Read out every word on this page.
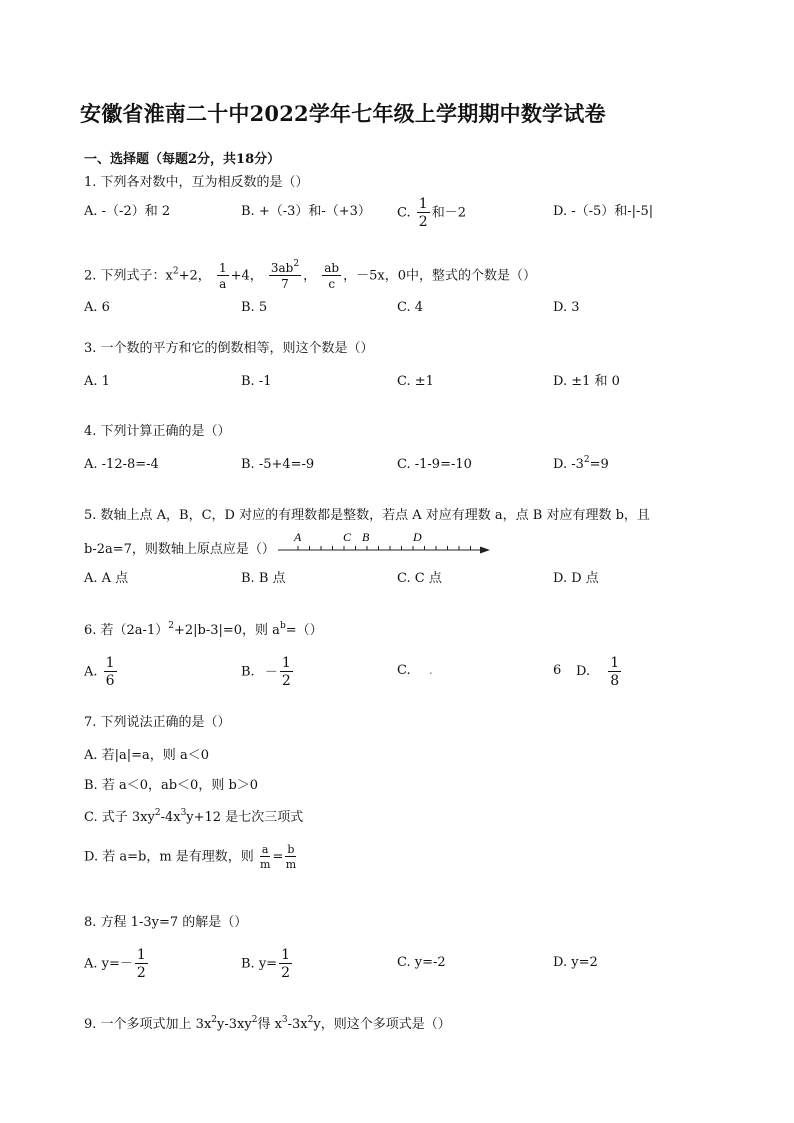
安徽省淮南二十中2022学年七年级上学期期中数学试卷
一、选择题（每题2分，共18分）
1. 下列各对数中，互为相反数的是（）
A. -（-2）和 2	B. +（-3）和-（+3） C. $\frac{1}{2}$ 和－2	D. -（-5）和-|-5|
2. 下列式子：$x^2+2$， $\frac{1}{a} +4$， $\frac{3ab^2}{7}$ ， $\frac{ab}{c}$ ，－5x，0中，整式的个数是（）
A. 6	B. 5	C. 4	D. 3
3. 一个数的平方和它的倒数相等，则这个数是（）
A. 1	B. -1	C. ±1	D. ±1 和 0
4. 下列计算正确的是（）
A. -12-8=-4	B. -5+4=-9	C. -1-9=-10	D. $-3^2=9$
5. 数轴上点 A，B，C，D 对应的有理数都是整数，若点 A 对应有理数 a，点 B 对应有理数 b，且
b-2a=7，则数轴上原点应是（）
A	C B	D
A. A 点	B. B 点	C. C 点	D. D 点
6. 若$(2a-1)^2+2|b-3|=0$，则 $a^b=()$
A. $\frac{1}{6}$	B. － $\frac{1}{2}$	C. .	6 D. $\frac{1}{8}$
7. 下列说法正确的是（）
A. 若|a|=a，则 a＜0
B. 若 a＜0，ab＜0，则 b＞0
C. 式子 $3xy^2-4x^3y+12$ 是七次三项式
D. 若 a=b，m 是有理数，则 $\frac{a}{m} = \frac{b}{m}$
8. 方程 1-3y=7 的解是（）
A. $y=- \frac{1}{2}$	B. $y= \frac{1}{2}$	C. y=-2	D. y=2
9. 一个多项式加上 $3x^2y-3xy^2$得 $x^3-3x^2y$，则这个多项式是（）
